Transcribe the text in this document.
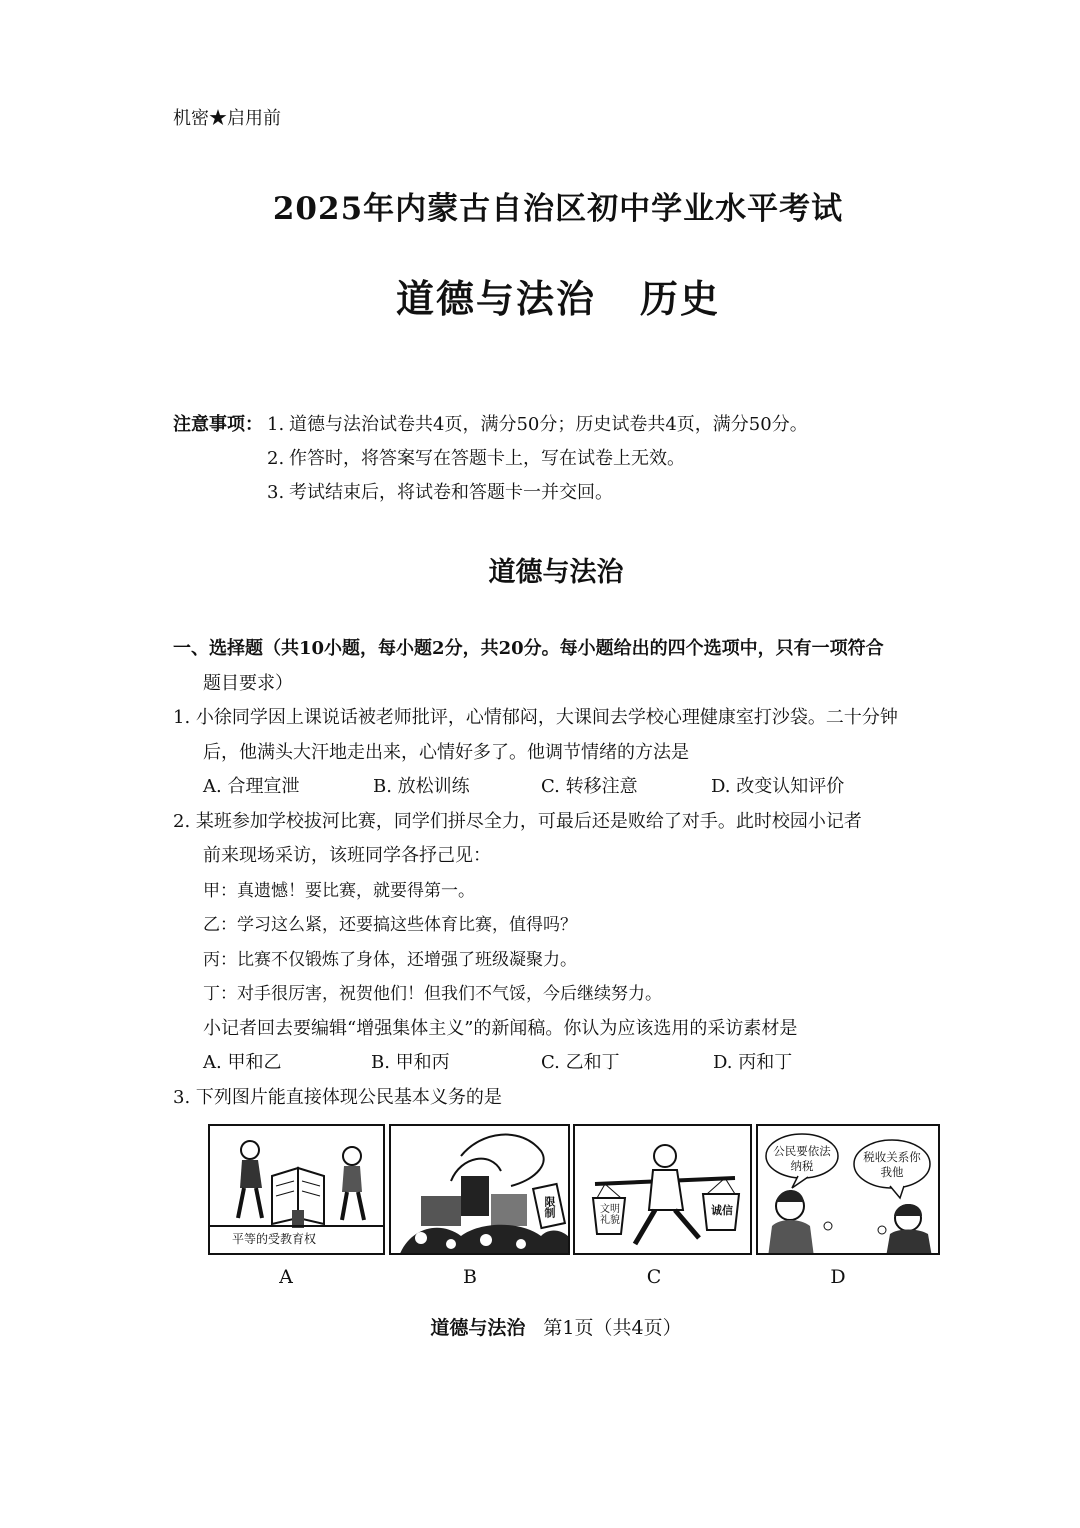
机密★启用前
2025年内蒙古自治区初中学业水平考试
道德与法治 历史
注意事项： 1. 道德与法治试卷共4页，满分50分；历史试卷共4页，满分50分。
2. 作答时，将答案写在答题卡上，写在试卷上无效。
3. 考试结束后，将试卷和答题卡一并交回。
道德与法治
一、选择题（共10小题，每小题2分，共20分。每小题给出的四个选项中，只有一项符合
题目要求）
1. 小徐同学因上课说话被老师批评，心情郁闷，大课间去学校心理健康室打沙袋。二十分钟
后，他满头大汗地走出来，心情好多了。他调节情绪的方法是
A. 合理宣泄	B. 放松训练	C. 转移注意	D. 改变认知评价
2. 某班参加学校拔河比赛，同学们拼尽全力，可最后还是败给了对手。此时校园小记者
前来现场采访，该班同学各抒己见：
甲：真遗憾！要比赛，就要得第一。
乙：学习这么紧，还要搞这些体育比赛，值得吗？
丙：比赛不仅锻炼了身体，还增强了班级凝聚力。
丁：对手很厉害，祝贺他们！但我们不气馁，今后继续努力。
小记者回去要编辑“增强集体主义”的新闻稿。你认为应该选用的采访素材是
A. 甲和乙	B. 甲和丙	C. 乙和丁	D. 丙和丁
3. 下列图片能直接体现公民基本义务的是
平等的受教育权
限制	文明礼貌
诚信
公民要依法纳税
税收关系你我他
A	B	C	D
道德与法治 第1页（共4页）
